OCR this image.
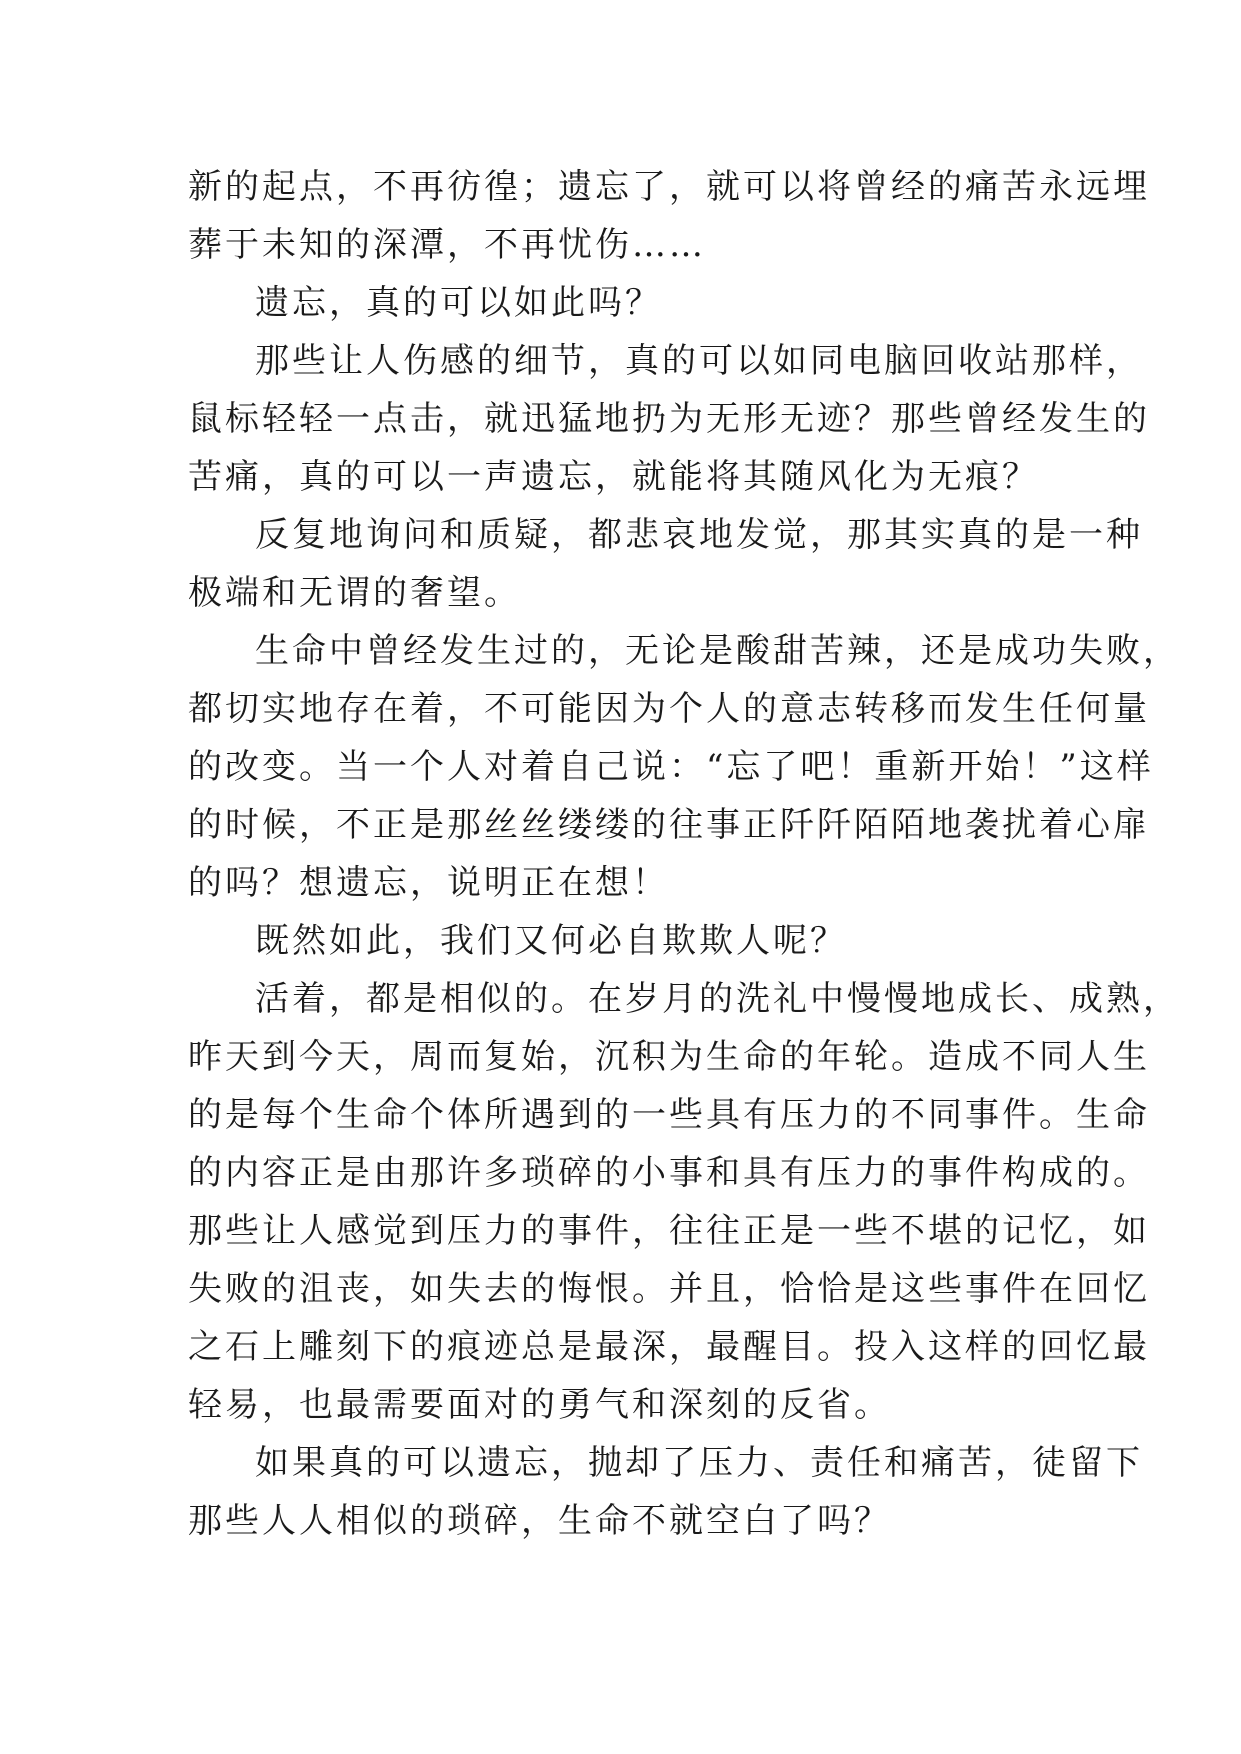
新的起点，不再彷徨；遗忘了，就可以将曾经的痛苦永远埋
葬于未知的深潭，不再忧伤……
遗忘，真的可以如此吗？
那些让人伤感的细节，真的可以如同电脑回收站那样，
鼠标轻轻一点击，就迅猛地扔为无形无迹？那些曾经发生的
苦痛，真的可以一声遗忘，就能将其随风化为无痕？
反复地询问和质疑，都悲哀地发觉，那其实真的是一种
极端和无谓的奢望。
生命中曾经发生过的，无论是酸甜苦辣，还是成功失败，
都切实地存在着，不可能因为个人的意志转移而发生任何量
的改变。当一个人对着自己说：“忘了吧！重新开始！”这样
的时候，不正是那丝丝缕缕的往事正阡阡陌陌地袭扰着心扉
的吗？想遗忘，说明正在想！
既然如此，我们又何必自欺欺人呢？
活着，都是相似的。在岁月的洗礼中慢慢地成长、成熟，
昨天到今天，周而复始，沉积为生命的年轮。造成不同人生
的是每个生命个体所遇到的一些具有压力的不同事件。生命
的内容正是由那许多琐碎的小事和具有压力的事件构成的。
那些让人感觉到压力的事件，往往正是一些不堪的记忆，如
失败的沮丧，如失去的悔恨。并且，恰恰是这些事件在回忆
之石上雕刻下的痕迹总是最深，最醒目。投入这样的回忆最
轻易，也最需要面对的勇气和深刻的反省。
如果真的可以遗忘，抛却了压力、责任和痛苦，徒留下
那些人人相似的琐碎，生命不就空白了吗？
